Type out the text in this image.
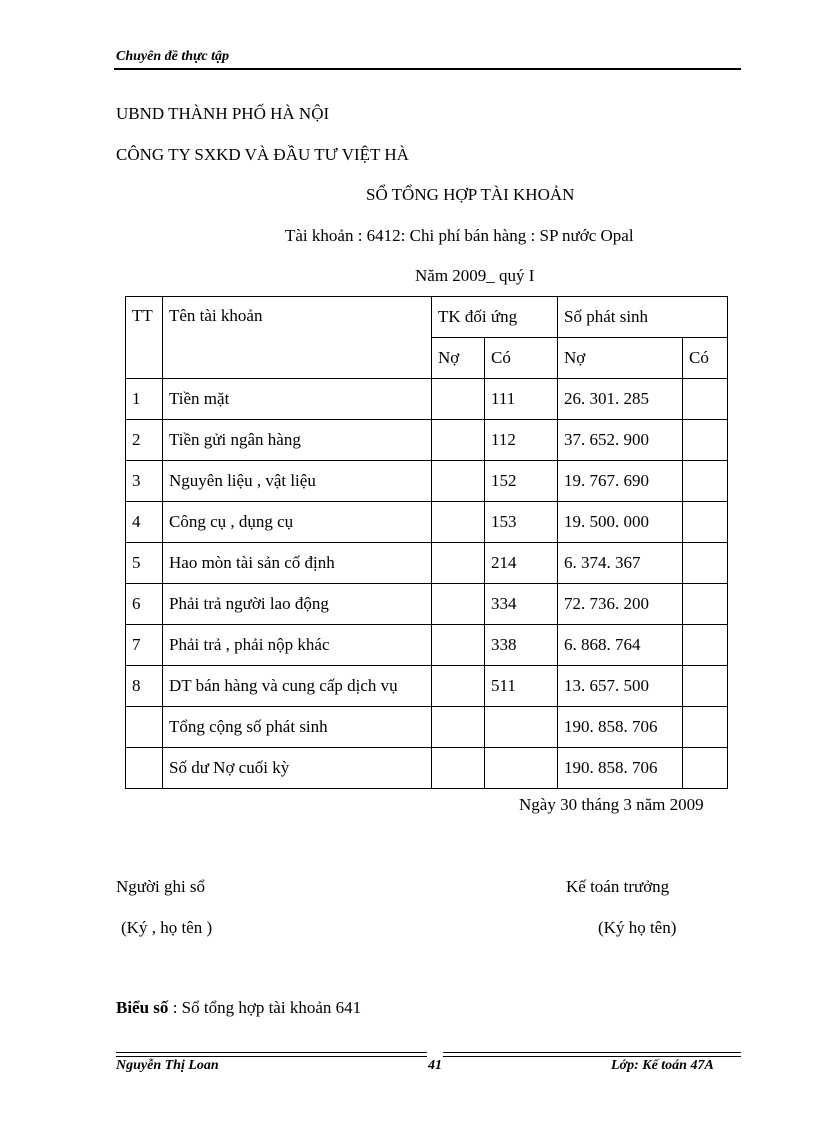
Chuyên đề thực tập
UBND THÀNH PHỐ HÀ NỘI
CÔNG TY SXKD VÀ ĐẦU TƯ VIỆT HÀ
SỔ TỔNG HỢP TÀI KHOẢN
Tài khoản : 6412: Chi phí bán hàng : SP nước Opal
Năm 2009_ quý I
TT	Tên tài khoản	TK đối ứng		Số phát sinh	
		Nợ	Có	Nợ	Có
1	Tiền mặt		111	26. 301. 285	
2	Tiền gửi ngân hàng		112	37. 652. 900	
3	Nguyên liệu , vật liệu		152	19. 767. 690	
4	Công cụ , dụng cụ		153	19. 500. 000	
5	Hao mòn tài sản cố định		214	6. 374. 367	
6	Phải trả người lao động		334	72. 736. 200	
7	Phải trả , phải nộp khác		338	6. 868. 764	
8	DT bán hàng và cung cấp dịch vụ		511	13. 657. 500	
	Tổng cộng số phát sinh			190. 858. 706	
	Số dư Nợ cuối kỳ			190. 858. 706	
Ngày 30 tháng 3 năm 2009
Người ghi sổ	Kế toán trưởng
(Ký , họ tên )	(Ký họ tên)
Biểu số : Sổ tổng hợp tài khoản 641
Nguyễn Thị Loan	41	Lớp: Kế toán 47A
